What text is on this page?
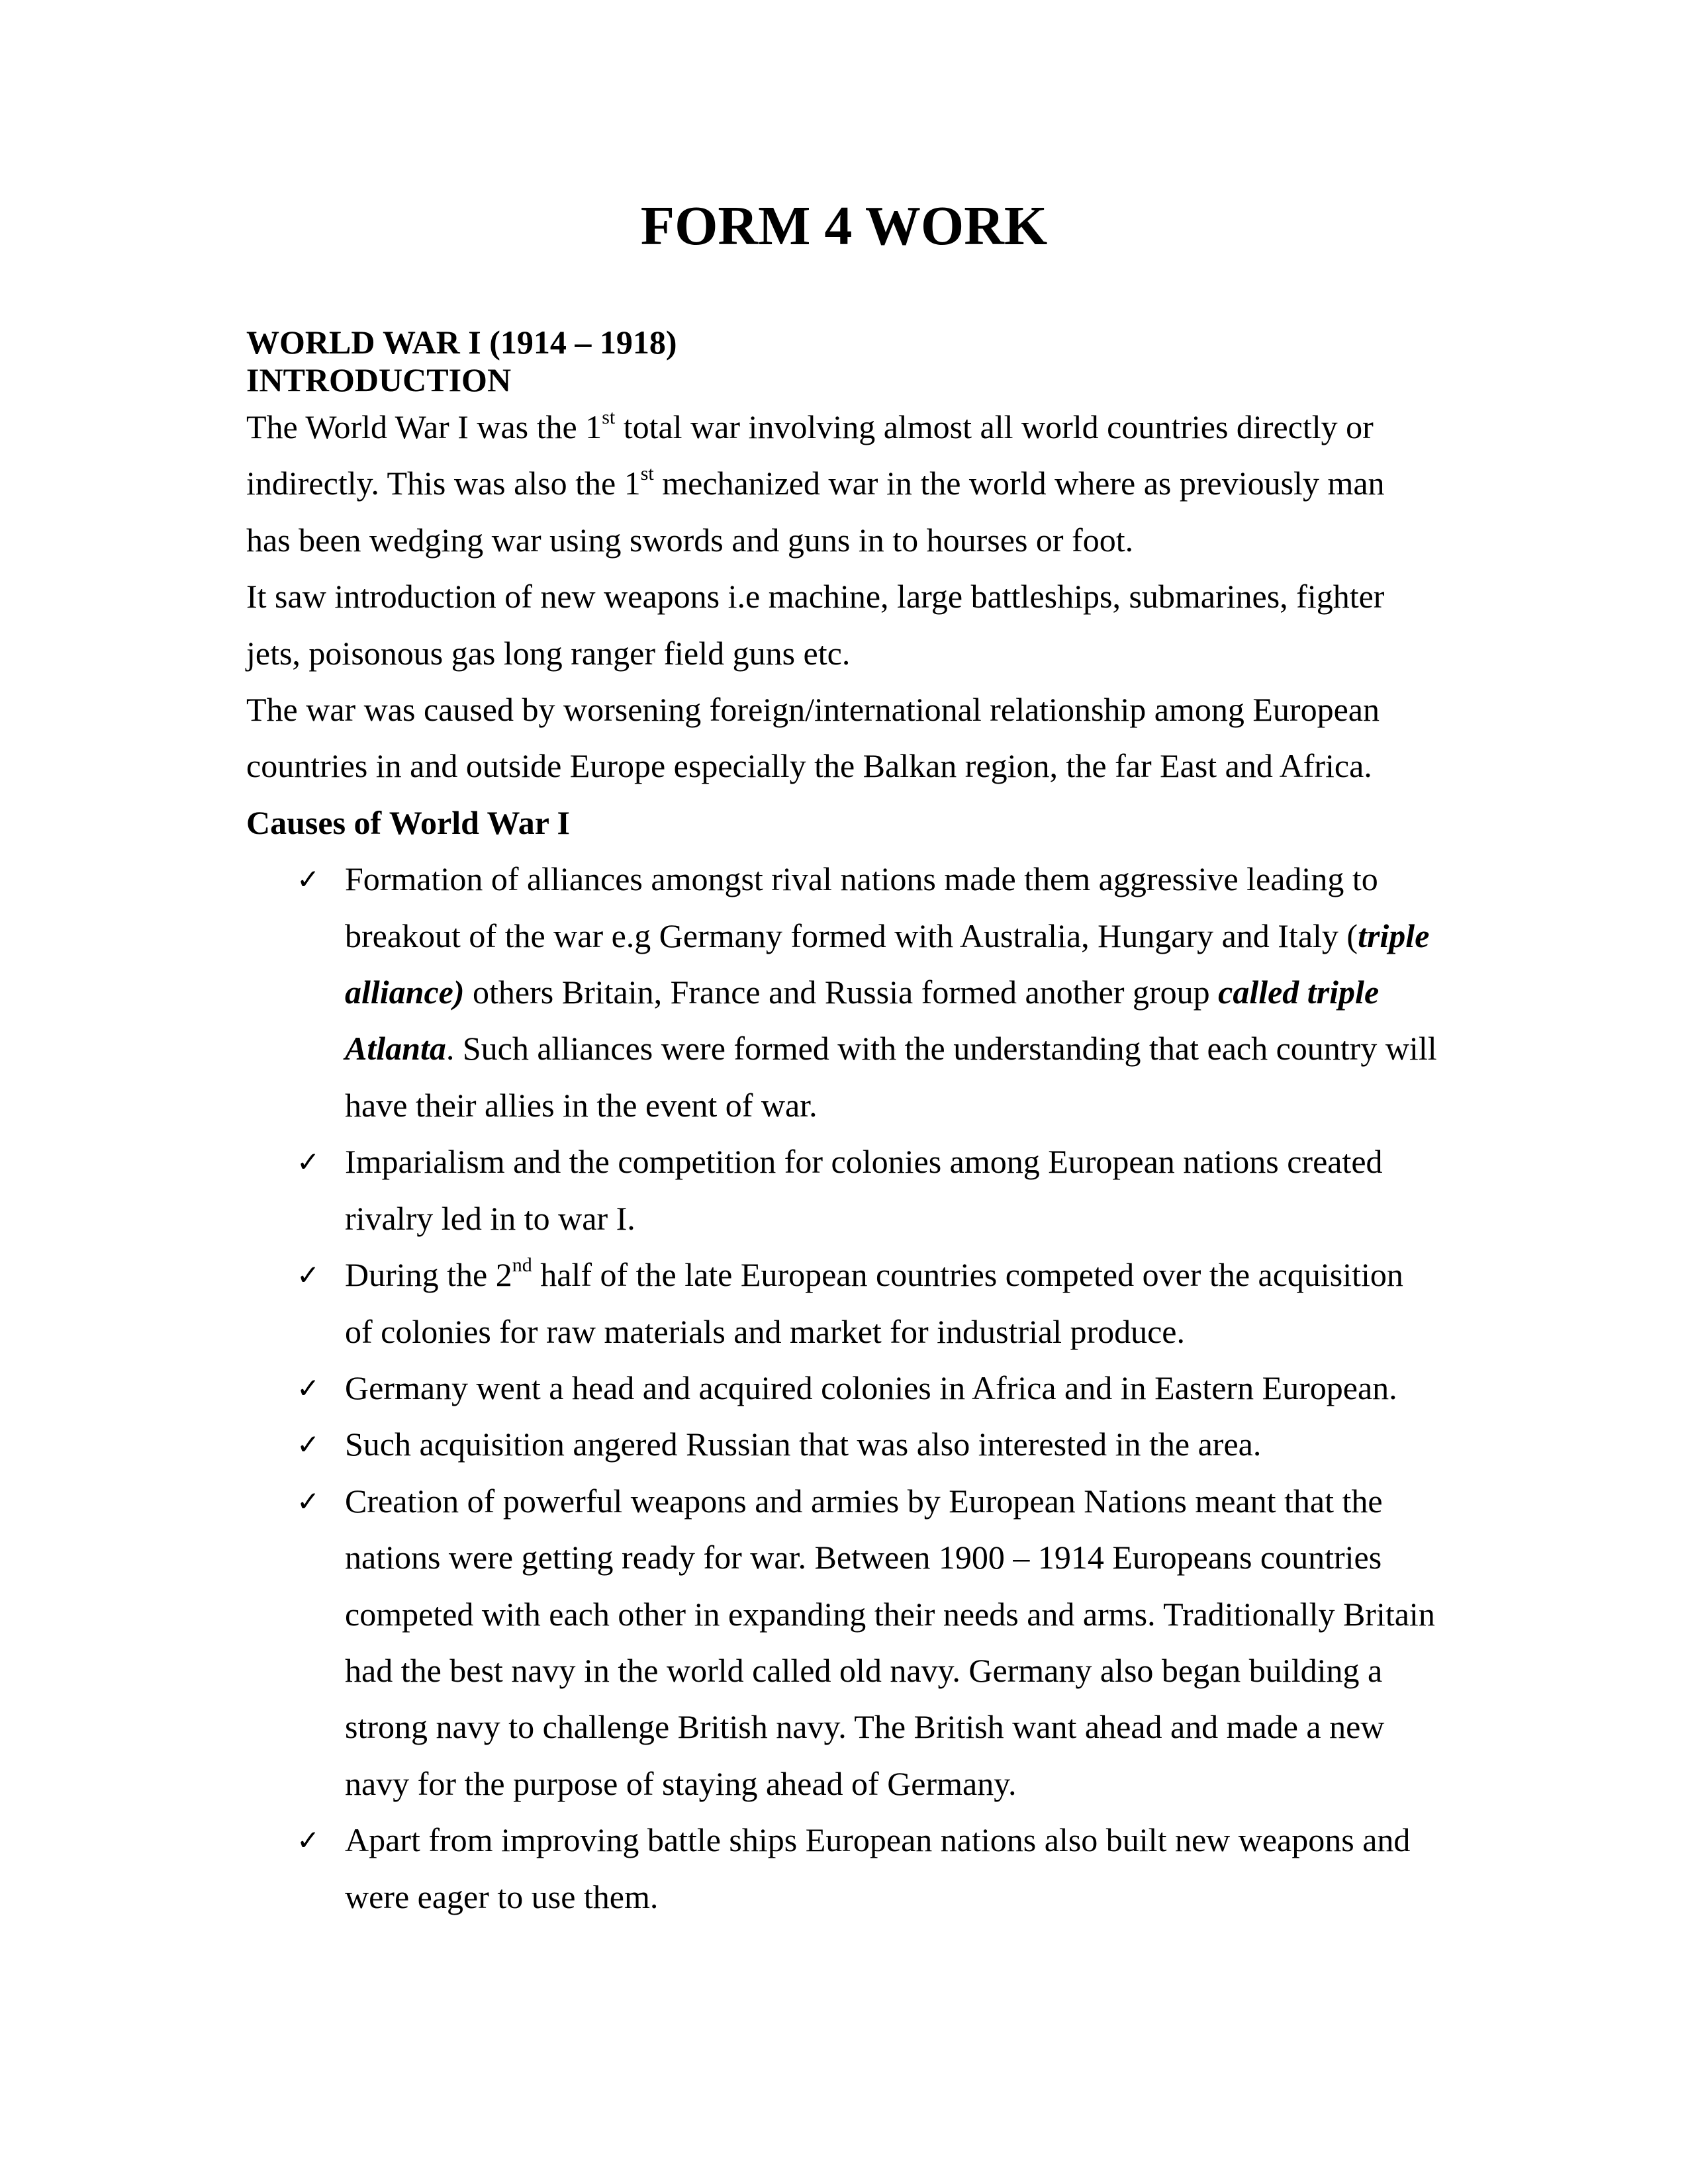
FORM 4 WORK
WORLD WAR I (1914 – 1918)
INTRODUCTION
The World War I was the 1st total war involving almost all world countries directly or
indirectly. This was also the 1st mechanized war in the world where as previously man
has been wedging war using swords and guns in to hourses or foot.
It saw introduction of new weapons i.e machine, large battleships, submarines, fighter
jets, poisonous gas long ranger field guns etc.
The war was caused by worsening foreign/international relationship among European
countries in and outside Europe especially the Balkan region, the far East and Africa.
Causes of World War I
✓ Formation of alliances amongst rival nations made them aggressive leading to
breakout of the war e.g Germany formed with Australia, Hungary and Italy (triple
alliance) others Britain, France and Russia formed another group called triple
Atlanta. Such alliances were formed with the understanding that each country will
have their allies in the event of war.
✓ Imparialism and the competition for colonies among European nations created
rivalry led in to war I.
✓ During the 2nd half of the late European countries competed over the acquisition
of colonies for raw materials and market for industrial produce.
✓ Germany went a head and acquired colonies in Africa and in Eastern European.
✓ Such acquisition angered Russian that was also interested in the area.
✓ Creation of powerful weapons and armies by European Nations meant that the
nations were getting ready for war. Between 1900 – 1914 Europeans countries
competed with each other in expanding their needs and arms. Traditionally Britain
had the best navy in the world called old navy. Germany also began building a
strong navy to challenge British navy. The British want ahead and made a new
navy for the purpose of staying ahead of Germany.
✓ Apart from improving battle ships European nations also built new weapons and
were eager to use them.
